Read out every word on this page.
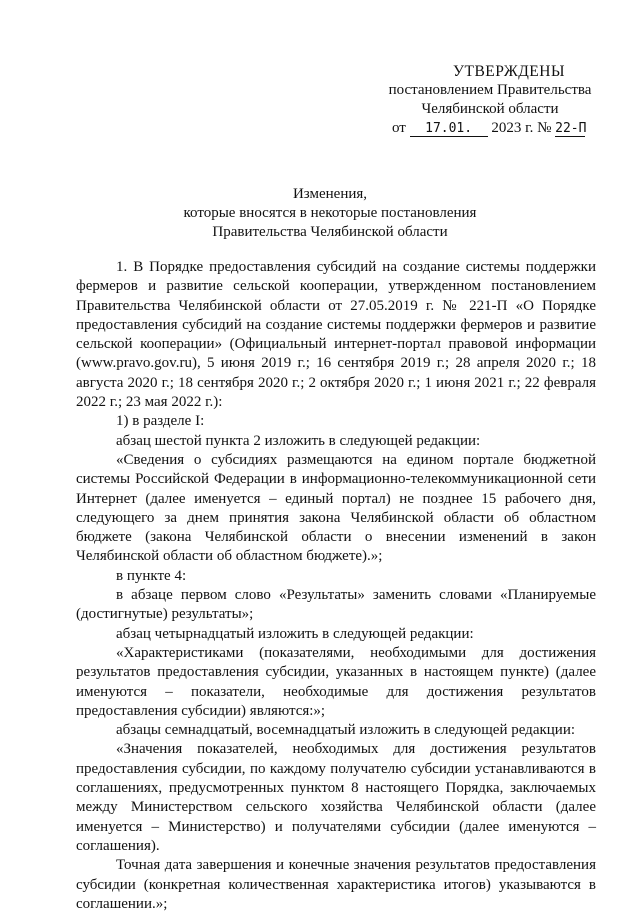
УТВЕРЖДЕНЫ
постановлением Правительства
Челябинской области
от 17.01. 2023 г. № 22-П
Изменения,
которые вносятся в некоторые постановления
Правительства Челябинской области

1. В Порядке предоставления субсидий на создание системы поддержки фермеров и развитие сельской кооперации, утвержденном постановлением Правительства Челябинской области от 27.05.2019 г. № 221-П «О Порядке предоставления субсидий на создание системы поддержки фермеров и развитие сельской кооперации» (Официальный интернет-портал правовой информации (www.pravo.gov.ru), 5 июня 2019 г.; 16 сентября 2019 г.; 28 апреля 2020 г.; 18 августа 2020 г.; 18 сентября 2020 г.; 2 октября 2020 г.; 1 июня 2021 г.; 22 февраля 2022 г.; 23 мая 2022 г.):

1) в разделе I:

абзац шестой пункта 2 изложить в следующей редакции:

«Сведения о субсидиях размещаются на едином портале бюджетной системы Российской Федерации в информационно-телекоммуникационной сети Интернет (далее именуется – единый портал) не позднее 15 рабочего дня, следующего за днем принятия закона Челябинской области об областном бюджете (закона Челябинской области о внесении изменений в закон Челябинской области об областном бюджете).»;

в пункте 4:

в абзаце первом слово «Результаты» заменить словами «Планируемые (достигнутые) результаты»;

абзац четырнадцатый изложить в следующей редакции:

«Характеристиками (показателями, необходимыми для достижения результатов предоставления субсидии, указанных в настоящем пункте) (далее именуются – показатели, необходимые для достижения результатов предоставления субсидии) являются:»;

абзацы семнадцатый, восемнадцатый изложить в следующей редакции:

«Значения показателей, необходимых для достижения результатов предоставления субсидии, по каждому получателю субсидии устанавливаются в соглашениях, предусмотренных пунктом 8 настоящего Порядка, заключаемых между Министерством сельского хозяйства Челябинской области (далее именуется – Министерство) и получателями субсидии (далее именуются – соглашения).

Точная дата завершения и конечные значения результатов предоставления субсидии (конкретная количественная характеристика итогов) указываются в соглашении.»;
